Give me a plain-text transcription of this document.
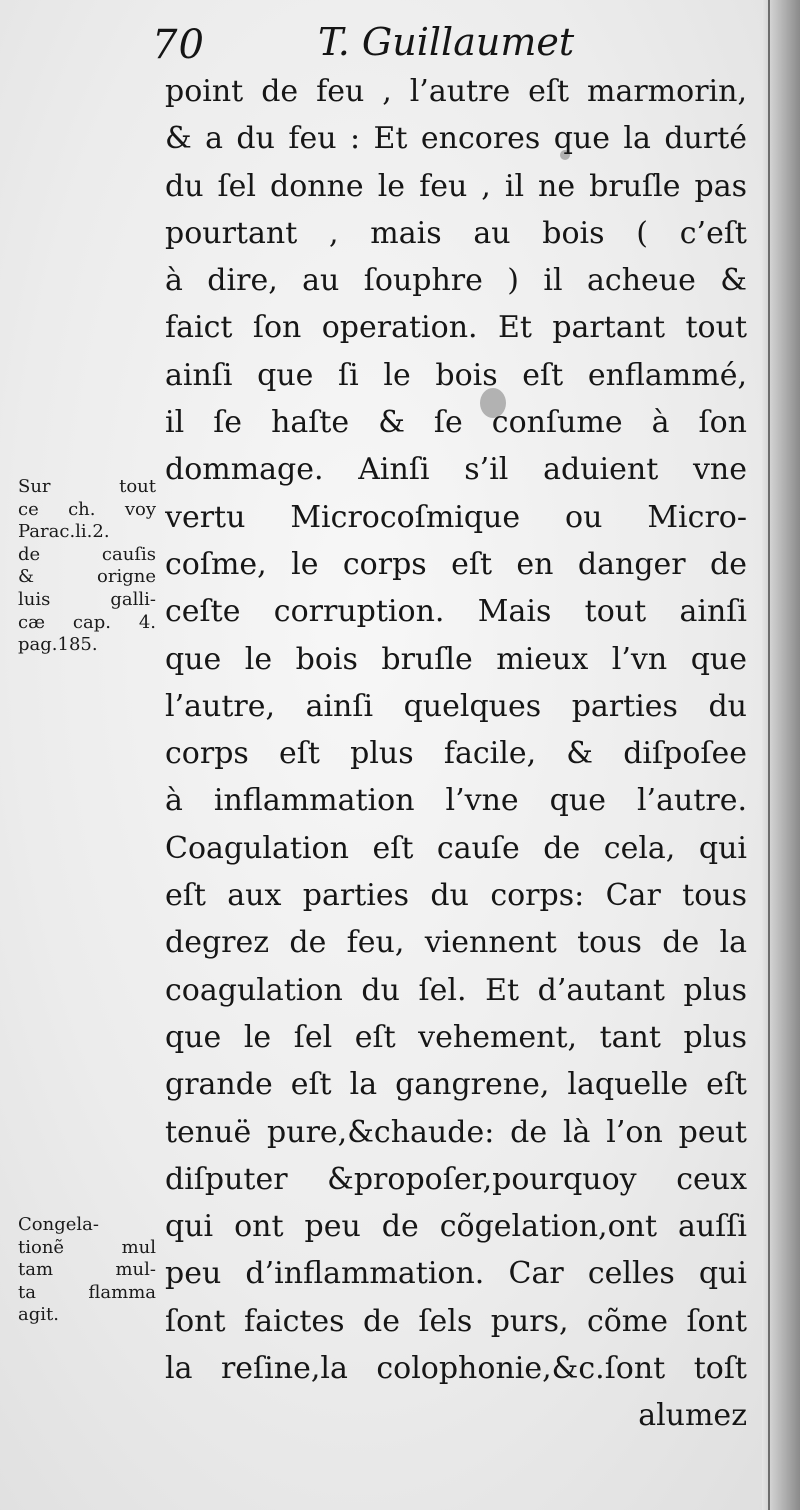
70	T. Guillaumet
point de feu , l’autre eſt marmorin,
& a du feu : Et encores que la durté
du ſel donne le feu , il ne bruſle pas
pourtant , mais au bois ( c’eſt
à dire, au ſouphre ) il acheue &
faict ſon operation. Et partant tout
ainſi que ſi le bois eſt enflammé,
il ſe haſte & ſe conſume à ſon
dommage. Ainſi s’il aduient vne
vertu Microcoſmique ou Micro-
coſme, le corps eſt en danger de
ceſte corruption. Mais tout ainſi
que le bois bruſle mieux l’vn que
l’autre, ainſi quelques parties du
corps eſt plus facile, & diſpoſee
à inflammation l’vne que l’autre.
Coagulation eſt cauſe de cela, qui
eſt aux parties du corps: Car tous
degrez de feu, viennent tous de la
coagulation du ſel. Et d’autant plus
que le ſel eſt vehement, tant plus
grande eſt la gangrene, laquelle eſt
tenuë pure,&chaude: de là l’on peut
diſputer &propoſer,pourquoy ceux
qui ont peu de cõgelation,ont auſſi
peu d’inflammation. Car celles qui
ſont faictes de ſels purs, cõme ſont
la reſine,la colophonie,&c.ſont toſt
alumez
Sur tout
ce ch. voy
Parac.li.2.
de cauſis
& origne
luis galli-
cæ cap. 4.
pag.185.
Congela-
tionẽ mul
tam mul-
ta flamma
agit.
